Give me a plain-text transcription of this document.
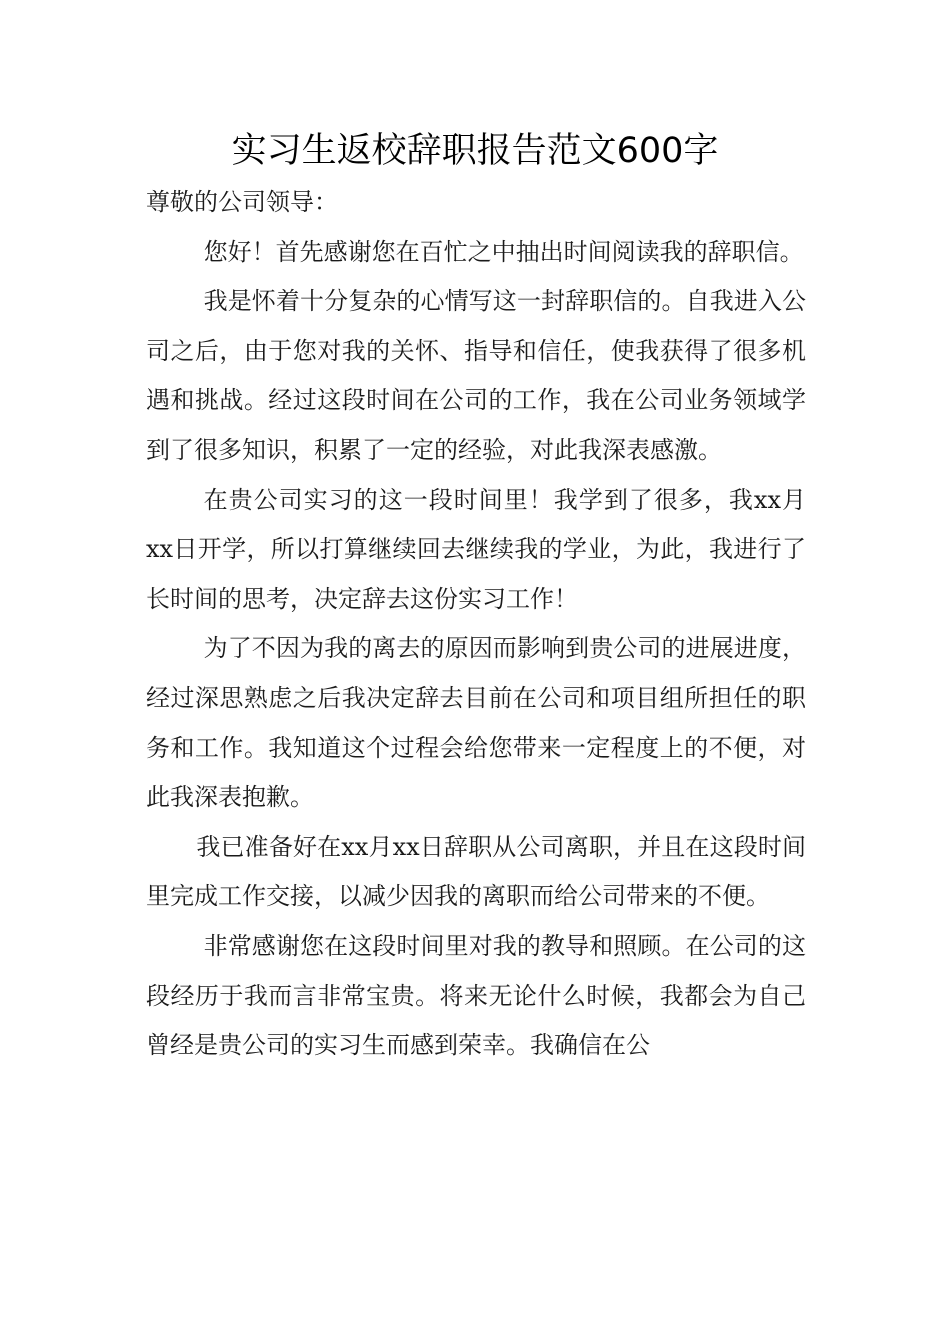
实习生返校辞职报告范文600字

尊敬的公司领导：

您好！首先感谢您在百忙之中抽出时间阅读我的辞职信。

我是怀着十分复杂的心情写这一封辞职信的。自我进入公司之后，由于您对我的关怀、指导和信任，使我获得了很多机遇和挑战。经过这段时间在公司的工作，我在公司业务领域学到了很多知识，积累了一定的经验，对此我深表感激。

在贵公司实习的这一段时间里！我学到了很多，我xx月xx日开学，所以打算继续回去继续我的学业，为此，我进行了长时间的思考，决定辞去这份实习工作！

为了不因为我的离去的原因而影响到贵公司的进展进度，经过深思熟虑之后我决定辞去目前在公司和项目组所担任的职务和工作。我知道这个过程会给您带来一定程度上的不便，对此我深表抱歉。

我已准备好在xx月xx日辞职从公司离职，并且在这段时间里完成工作交接，以减少因我的离职而给公司带来的不便。

非常感谢您在这段时间里对我的教导和照顾。在公司的这段经历于我而言非常宝贵。将来无论什么时候，我都会为自己曾经是贵公司的实习生而感到荣幸。我确信在公
